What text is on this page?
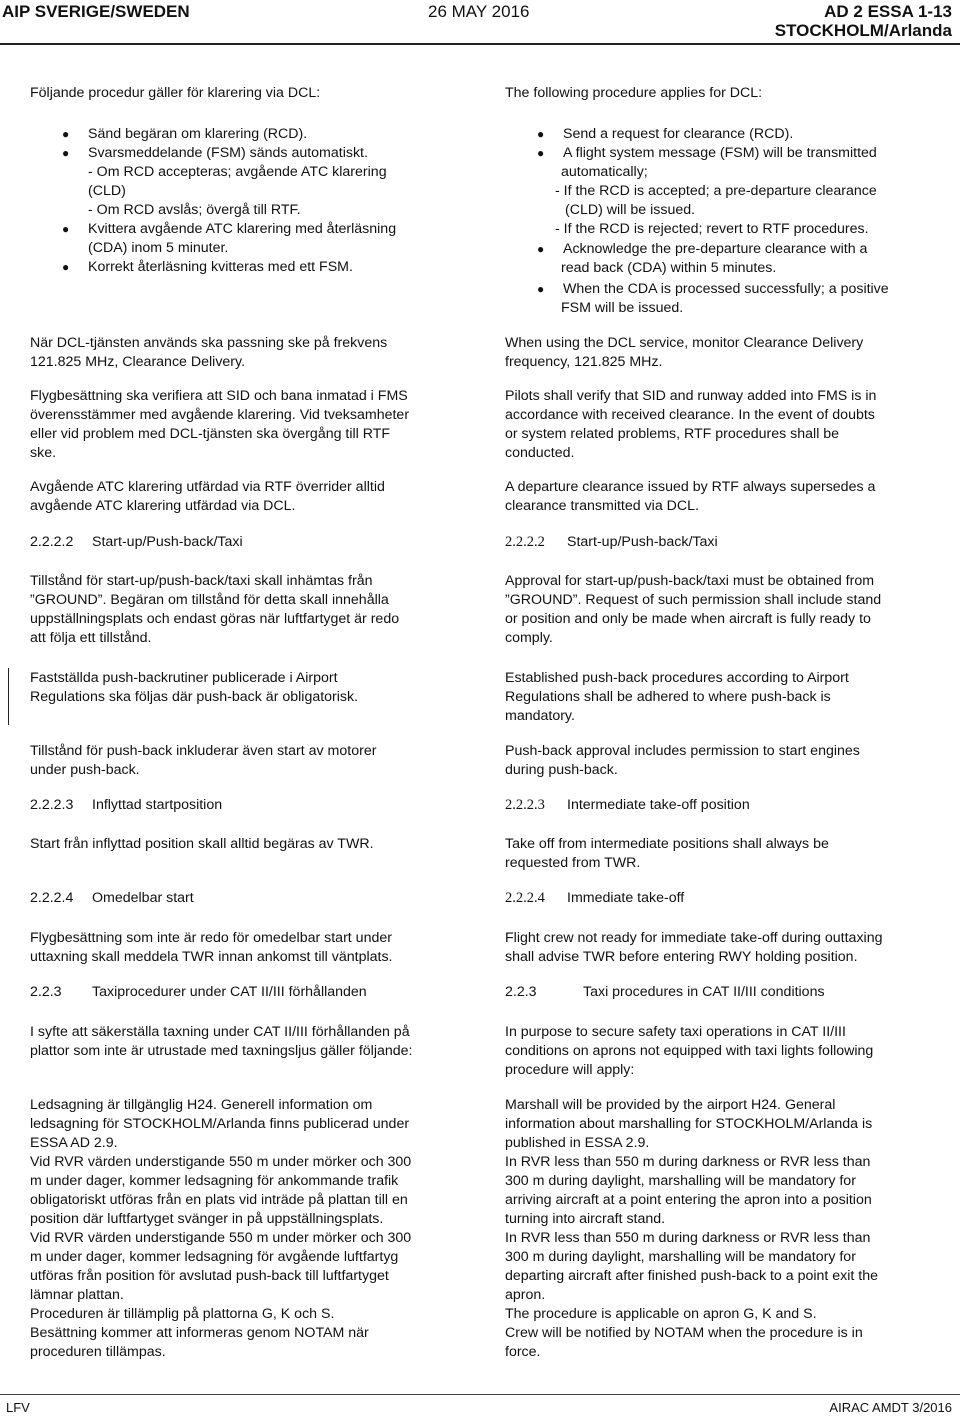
AIP SVERIGE/SWEDEN	26 MAY 2016	AD 2 ESSA 1-13
STOCKHOLM/Arlanda
Följande procedur gäller för klarering via DCL:
● Sänd begäran om klarering (RCD).
● Svarsmeddelande (FSM) sänds automatiskt.
- Om RCD accepteras; avgående ATC klarering
(CLD)
- Om RCD avslås; övergå till RTF.
● Kvittera avgående ATC klarering med återläsning
(CDA) inom 5 minuter.
● Korrekt återläsning kvitteras med ett FSM.
När DCL-tjänsten används ska passning ske på frekvens
121.825 MHz, Clearance Delivery.
Flygbesättning ska verifiera att SID och bana inmatad i FMS
överensstämmer med avgående klarering. Vid tveksamheter
eller vid problem med DCL-tjänsten ska övergång till RTF
ske.
Avgående ATC klarering utfärdad via RTF överrider alltid
avgående ATC klarering utfärdad via DCL.
2.2.2.2 Start-up/Push-back/Taxi
Tillstånd för start-up/push-back/taxi skall inhämtas från
”GROUND”. Begäran om tillstånd för detta skall innehålla
uppställningsplats och endast göras när luftfartyget är redo
att följa ett tillstånd.
Fastställda push-backrutiner publicerade i Airport
Regulations ska följas där push-back är obligatorisk.
Tillstånd för push-back inkluderar även start av motorer
under push-back.
2.2.2.3 Inflyttad startposition
Start från inflyttad position skall alltid begäras av TWR.
2.2.2.4 Omedelbar start
Flygbesättning som inte är redo för omedelbar start under
uttaxning skall meddela TWR innan ankomst till väntplats.
2.2.3 Taxiprocedurer under CAT II/III förhållanden
I syfte att säkerställa taxning under CAT II/III förhållanden på
plattor som inte är utrustade med taxningsljus gäller följande:
Ledsagning är tillgänglig H24. Generell information om
ledsagning för STOCKHOLM/Arlanda finns publicerad under
ESSA AD 2.9.
Vid RVR värden understigande 550 m under mörker och 300
m under dager, kommer ledsagning för ankommande trafik
obligatoriskt utföras från en plats vid inträde på plattan till en
position där luftfartyget svänger in på uppställningsplats.
Vid RVR värden understigande 550 m under mörker och 300
m under dager, kommer ledsagning för avgående luftfartyg
utföras från position för avslutad push-back till luftfartyget
lämnar plattan.
Proceduren är tillämplig på plattorna G, K och S.
Besättning kommer att informeras genom NOTAM när
proceduren tillämpas.
The following procedure applies for DCL:
● Send a request for clearance (RCD).
● A flight system message (FSM) will be transmitted
automatically;
- If the RCD is accepted; a pre-departure clearance
(CLD) will be issued.
- If the RCD is rejected; revert to RTF procedures.
● Acknowledge the pre-departure clearance with a
read back (CDA) within 5 minutes.
● When the CDA is processed successfully; a positive
FSM will be issued.
When using the DCL service, monitor Clearance Delivery
frequency, 121.825 MHz.
Pilots shall verify that SID and runway added into FMS is in
accordance with received clearance. In the event of doubts
or system related problems, RTF procedures shall be
conducted.
A departure clearance issued by RTF always supersedes a
clearance transmitted via DCL.
2.2.2.2 Start-up/Push-back/Taxi
Approval for start-up/push-back/taxi must be obtained from
”GROUND”. Request of such permission shall include stand
or position and only be made when aircraft is fully ready to
comply.
Established push-back procedures according to Airport
Regulations shall be adhered to where push-back is
mandatory.
Push-back approval includes permission to start engines
during push-back.
2.2.2.3 Intermediate take-off position
Take off from intermediate positions shall always be
requested from TWR.
2.2.2.4 Immediate take-off
Flight crew not ready for immediate take-off during outtaxing
shall advise TWR before entering RWY holding position.
2.2.3	Taxi procedures in CAT II/III conditions
In purpose to secure safety taxi operations in CAT II/III
conditions on aprons not equipped with taxi lights following
procedure will apply:
Marshall will be provided by the airport H24. General
information about marshalling for STOCKHOLM/Arlanda is
published in ESSA 2.9.
In RVR less than 550 m during darkness or RVR less than
300 m during daylight, marshalling will be mandatory for
arriving aircraft at a point entering the apron into a position
turning into aircraft stand.
In RVR less than 550 m during darkness or RVR less than
300 m during daylight, marshalling will be mandatory for
departing aircraft after finished push-back to a point exit the
apron.
The procedure is applicable on apron G, K and S.
Crew will be notified by NOTAM when the procedure is in
force.
LFV	AIRAC AMDT 3/2016
